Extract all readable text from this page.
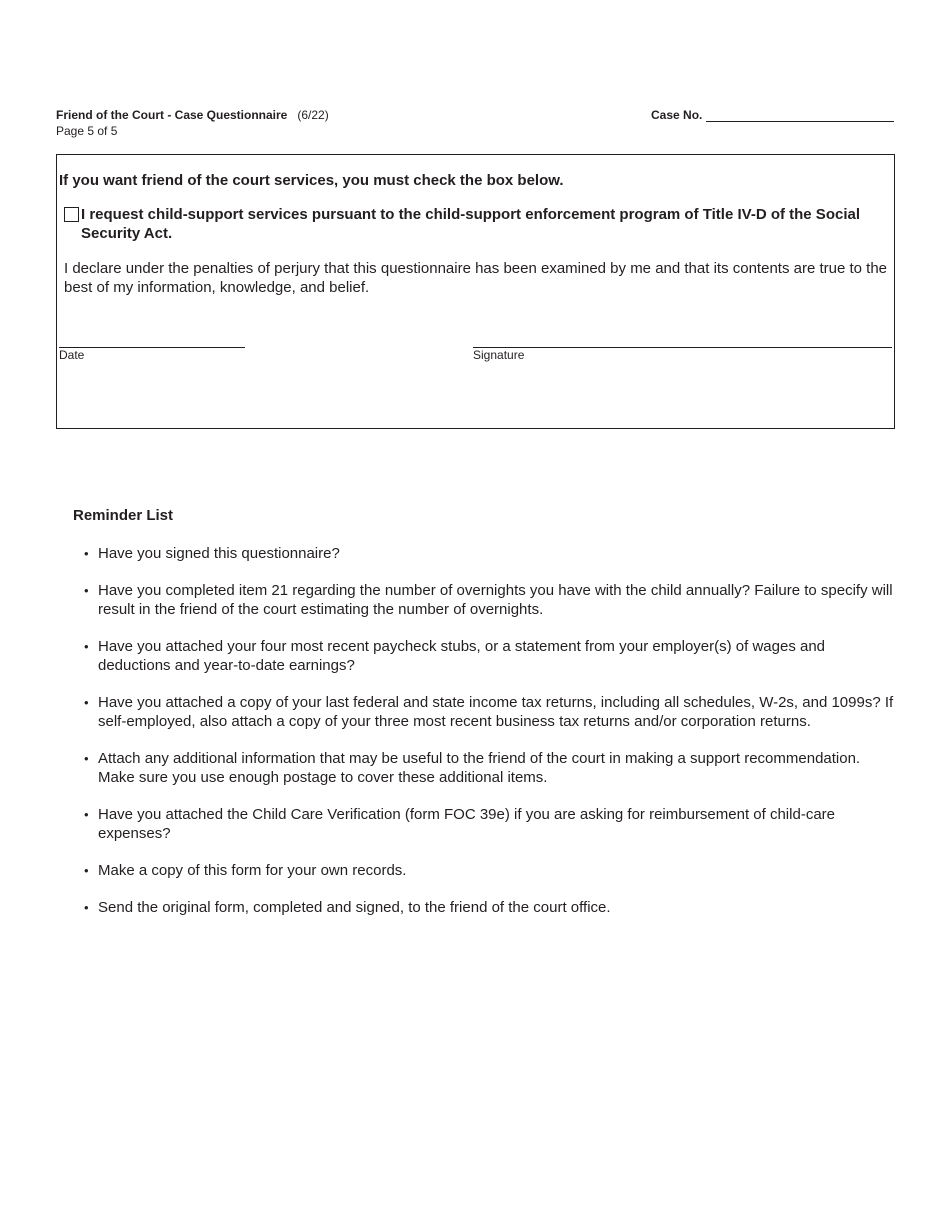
Friend of the Court - Case Questionnaire (6/22)
Page 5 of 5
Case No.
If you want friend of the court services, you must check the box below.
I request child-support services pursuant to the child-support enforcement program of Title IV-D of the Social Security Act.
I declare under the penalties of perjury that this questionnaire has been examined by me and that its contents are true to the best of my information, knowledge, and belief.
Date	Signature
Reminder List
• Have you signed this questionnaire?
• Have you completed item 21 regarding the number of overnights you have with the child annually? Failure to specify will result in the friend of the court estimating the number of overnights.
• Have you attached your four most recent paycheck stubs, or a statement from your employer(s) of wages and deductions and year-to-date earnings?
• Have you attached a copy of your last federal and state income tax returns, including all schedules, W-2s, and 1099s? If self-employed, also attach a copy of your three most recent business tax returns and/or corporation returns.
• Attach any additional information that may be useful to the friend of the court in making a support recommendation. Make sure you use enough postage to cover these additional items.
• Have you attached the Child Care Verification (form FOC 39e) if you are asking for reimbursement of child-care expenses?
• Make a copy of this form for your own records.
• Send the original form, completed and signed, to the friend of the court office.
